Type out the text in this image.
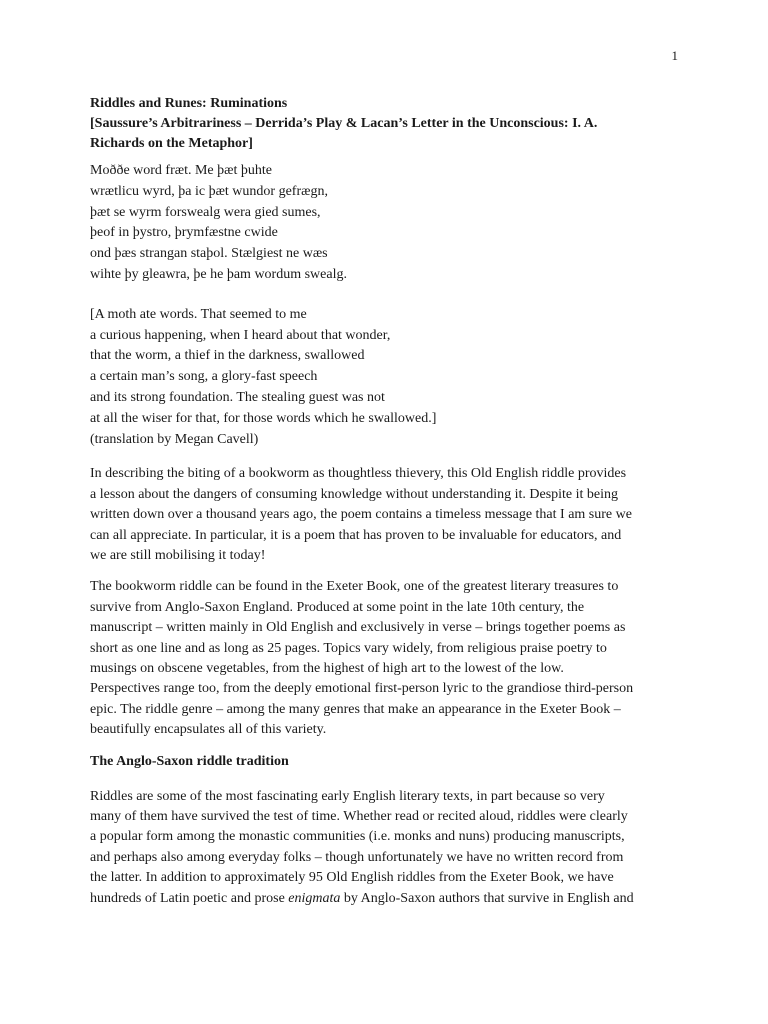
1
Riddles and Runes: Ruminations
[Saussure’s Arbitrariness – Derrida’s Play & Lacan’s Letter in the Unconscious: I. A.
Richards on the Metaphor]
Moððe word fræt. Me þæt þuhte
wrætlicu wyrd, þa ic þæt wundor gefrægn,
þæt se wyrm forswealg wera gied sumes,
þeof in þystro, þrymfæstne cwide
ond þæs strangan staþol. Stælgiest ne wæs
wihte þy gleawra, þe he þam wordum swealg.
[A moth ate words. That seemed to me
a curious happening, when I heard about that wonder,
that the worm, a thief in the darkness, swallowed
a certain man’s song, a glory-fast speech
and its strong foundation. The stealing guest was not
at all the wiser for that, for those words which he swallowed.]
(translation by Megan Cavell)
In describing the biting of a bookworm as thoughtless thievery, this Old English riddle provides
a lesson about the dangers of consuming knowledge without understanding it. Despite it being
written down over a thousand years ago, the poem contains a timeless message that I am sure we
can all appreciate. In particular, it is a poem that has proven to be invaluable for educators, and
we are still mobilising it today!
The bookworm riddle can be found in the Exeter Book, one of the greatest literary treasures to
survive from Anglo-Saxon England. Produced at some point in the late 10th century, the
manuscript – written mainly in Old English and exclusively in verse – brings together poems as
short as one line and as long as 25 pages. Topics vary widely, from religious praise poetry to
musings on obscene vegetables, from the highest of high art to the lowest of the low.
Perspectives range too, from the deeply emotional first-person lyric to the grandiose third-person
epic. The riddle genre – among the many genres that make an appearance in the Exeter Book –
beautifully encapsulates all of this variety.
The Anglo-Saxon riddle tradition
Riddles are some of the most fascinating early English literary texts, in part because so very
many of them have survived the test of time. Whether read or recited aloud, riddles were clearly
a popular form among the monastic communities (i.e. monks and nuns) producing manuscripts,
and perhaps also among everyday folks – though unfortunately we have no written record from
the latter. In addition to approximately 95 Old English riddles from the Exeter Book, we have
hundreds of Latin poetic and prose enigmata by Anglo-Saxon authors that survive in English and
